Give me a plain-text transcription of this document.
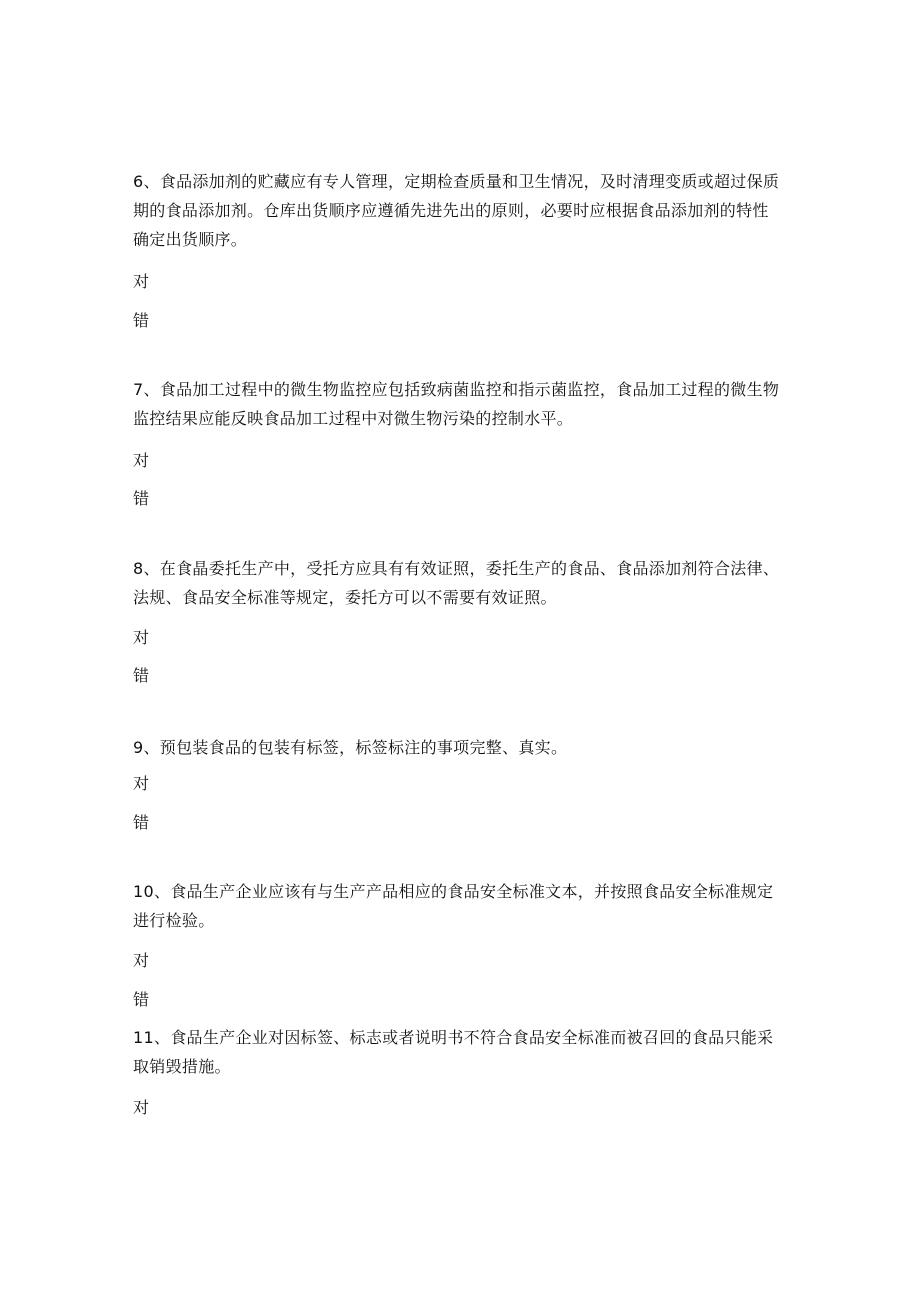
6、食品添加剂的贮藏应有专人管理，定期检查质量和卫生情况，及时清理变质或超过保质期的食品添加剂。仓库出货顺序应遵循先进先出的原则，必要时应根据食品添加剂的特性确定出货顺序。

对

错

7、食品加工过程中的微生物监控应包括致病菌监控和指示菌监控，食品加工过程的微生物监控结果应能反映食品加工过程中对微生物污染的控制水平。

对

错

8、在食晶委托生产中，受托方应具有有效证照，委托生产的食品、食品添加剂符合法律、法规、食品安全标准等规定，委托方可以不需要有效证照。

对

错

9、预包装食品的包装有标签，标签标注的事项完整、真实。

对

错

10、食品生产企业应该有与生产产品相应的食品安全标准文本，并按照食品安全标准规定进行检验。

对

错

11、食品生产企业对因标签、标志或者说明书不符合食品安全标准而被召回的食品只能采取销毁措施。

对
